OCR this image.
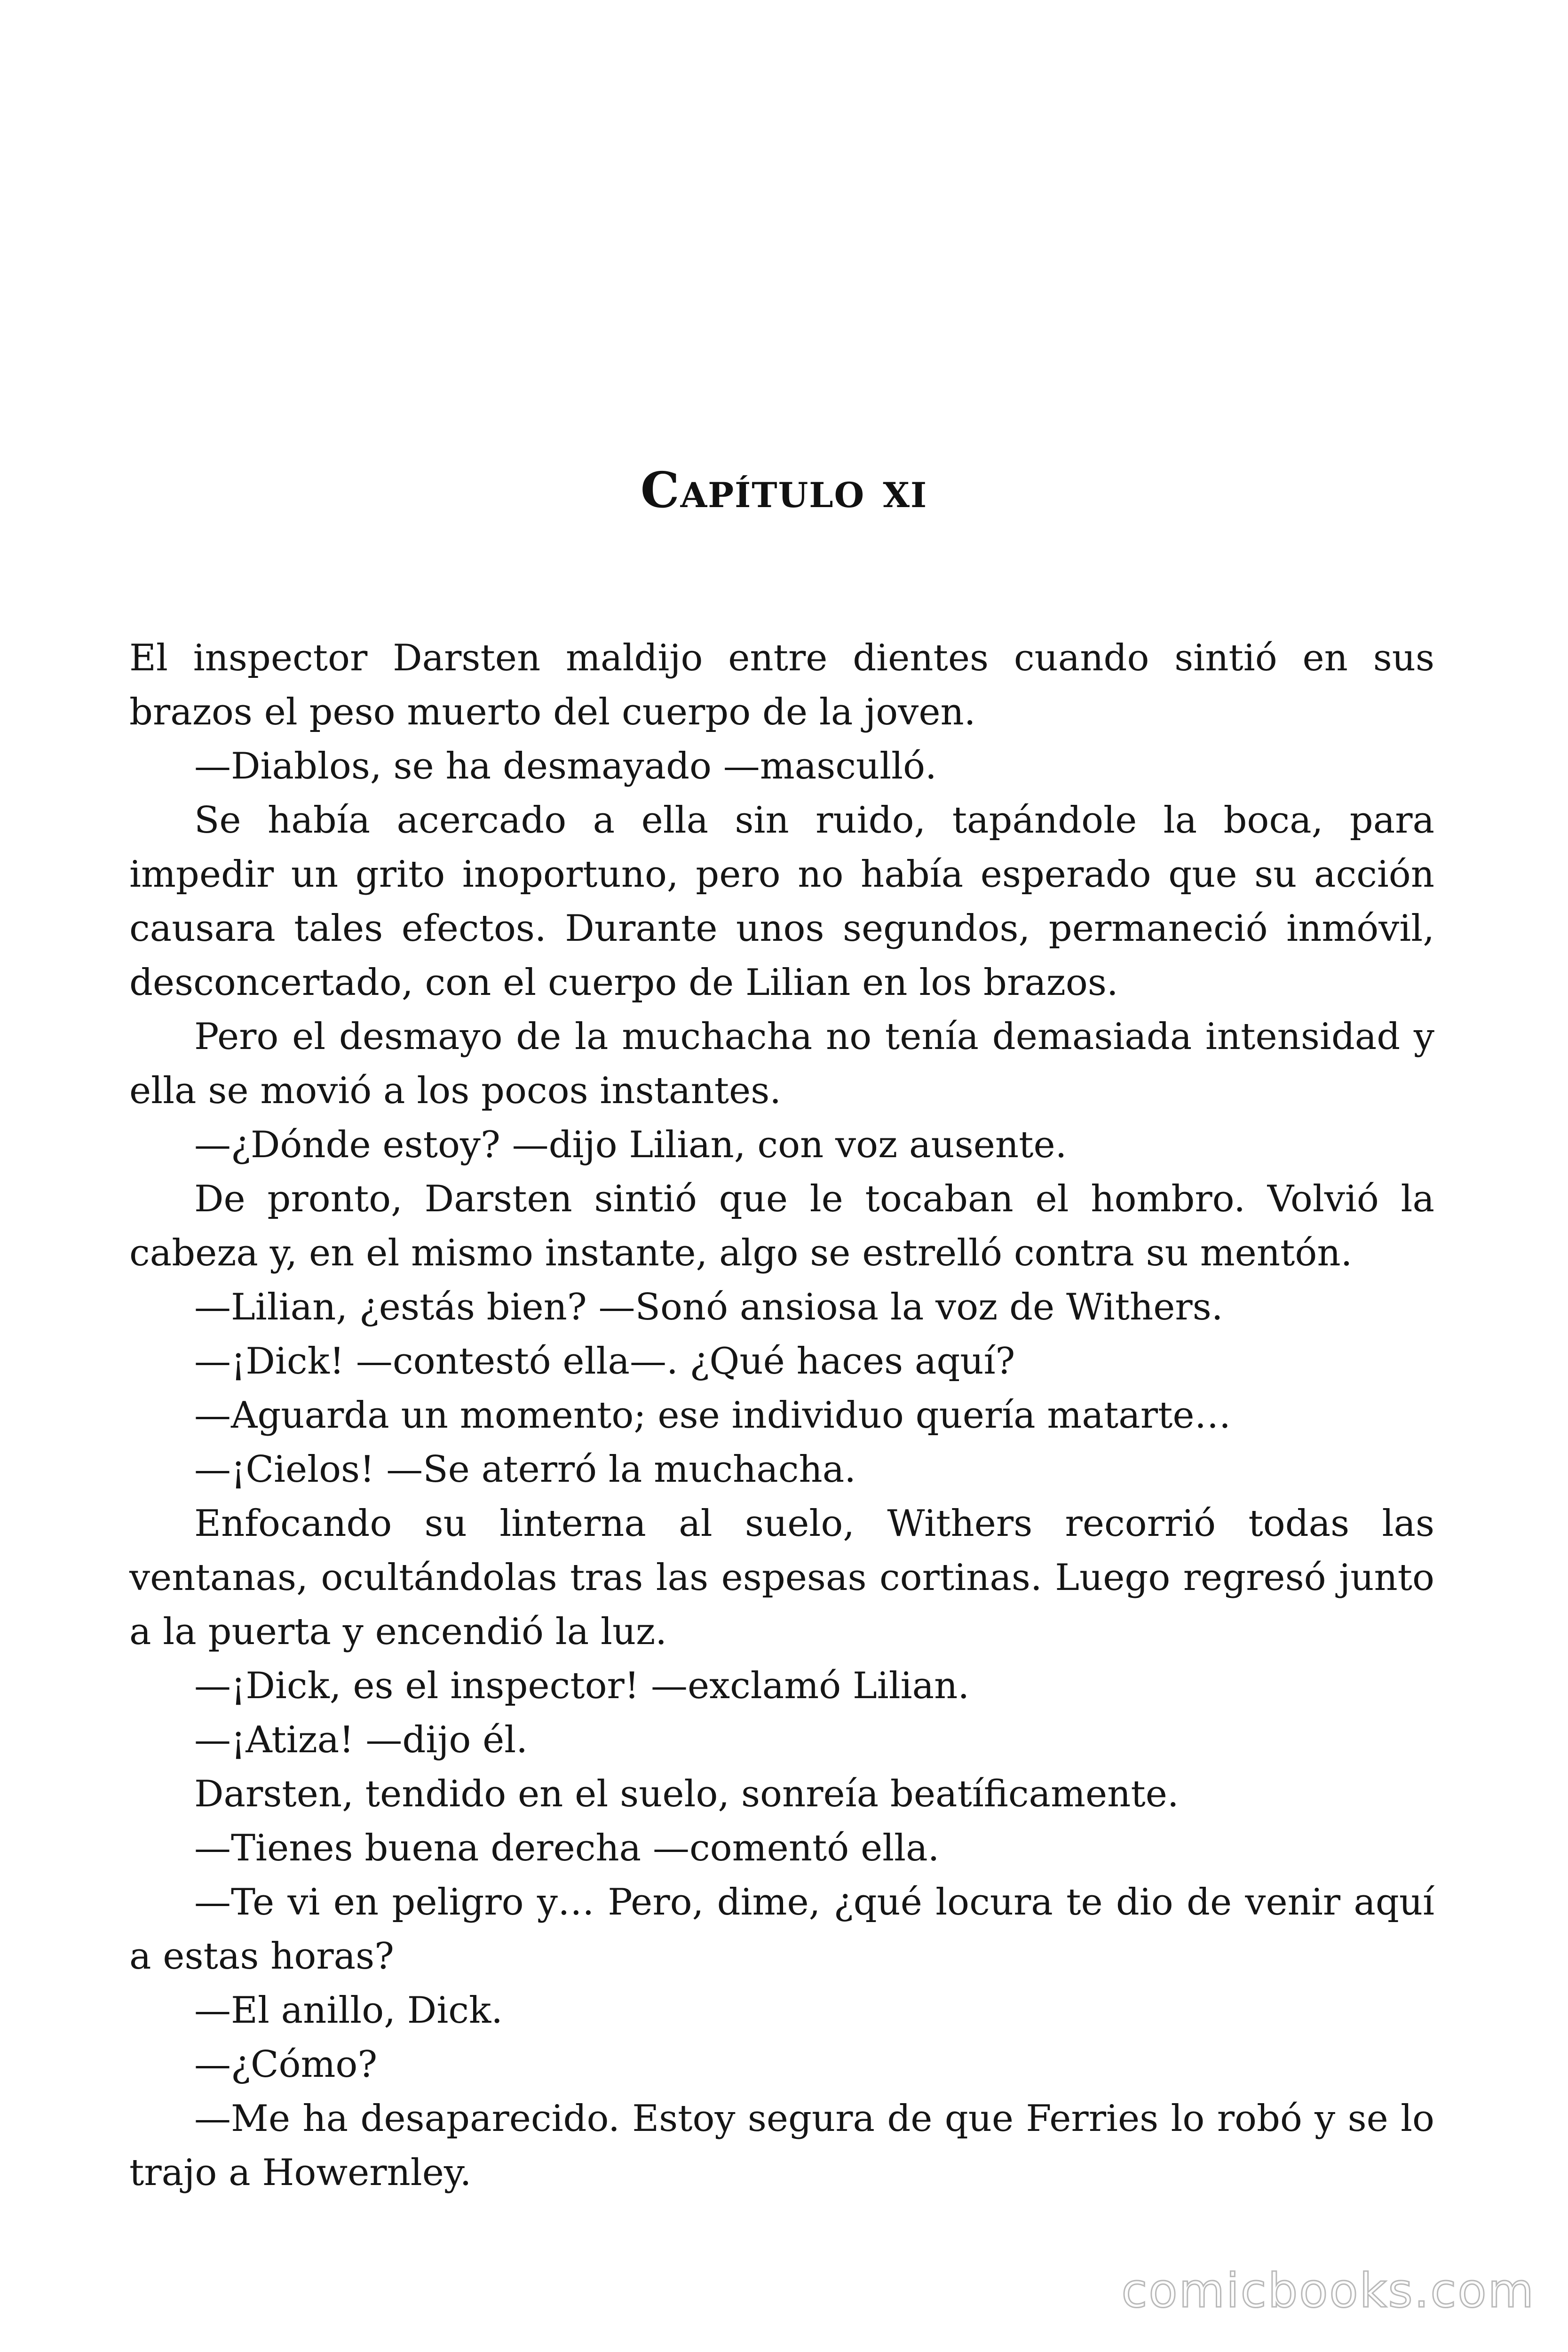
Capítulo xi

El inspector Darsten maldijo entre dientes cuando sintió en sus brazos el peso muerto del cuerpo de la joven.

—Diablos, se ha desmayado —mascullό.

Se había acercado a ella sin ruido, tapándole la boca, para impedir un grito inoportuno, pero no había esperado que su acción causara tales efectos. Durante unos segundos, permaneció inmóvil, desconcertado, con el cuerpo de Lilian en los brazos.

Pero el desmayo de la muchacha no tenía demasiada intensidad y ella se movió a los pocos instantes.

—¿Dónde estoy? —dijo Lilian, con voz ausente.

De pronto, Darsten sintió que le tocaban el hombro. Volvió la cabeza y, en el mismo instante, algo se estrelló contra su mentón.

—Lilian, ¿estás bien? —Sonó ansiosa la voz de Withers.

—¡Dick! —contestó ella—. ¿Qué haces aquí?

—Aguarda un momento; ese individuo quería matarte…

—¡Cielos! —Se aterró la muchacha.

Enfocando su linterna al suelo, Withers recorrió todas las ventanas, ocultándolas tras las espesas cortinas. Luego regresó junto a la puerta y encendió la luz.

—¡Dick, es el inspector! —exclamó Lilian.

—¡Atiza! —dijo él.

Darsten, tendido en el suelo, sonreía beatíficamente.

—Tienes buena derecha —comentó ella.

—Te vi en peligro y… Pero, dime, ¿qué locura te dio de venir aquí a estas horas?

—El anillo, Dick.

—¿Cómo?

—Me ha desaparecido. Estoy segura de que Ferries lo robó y se lo trajo a Howernley.

comicbooks.com
